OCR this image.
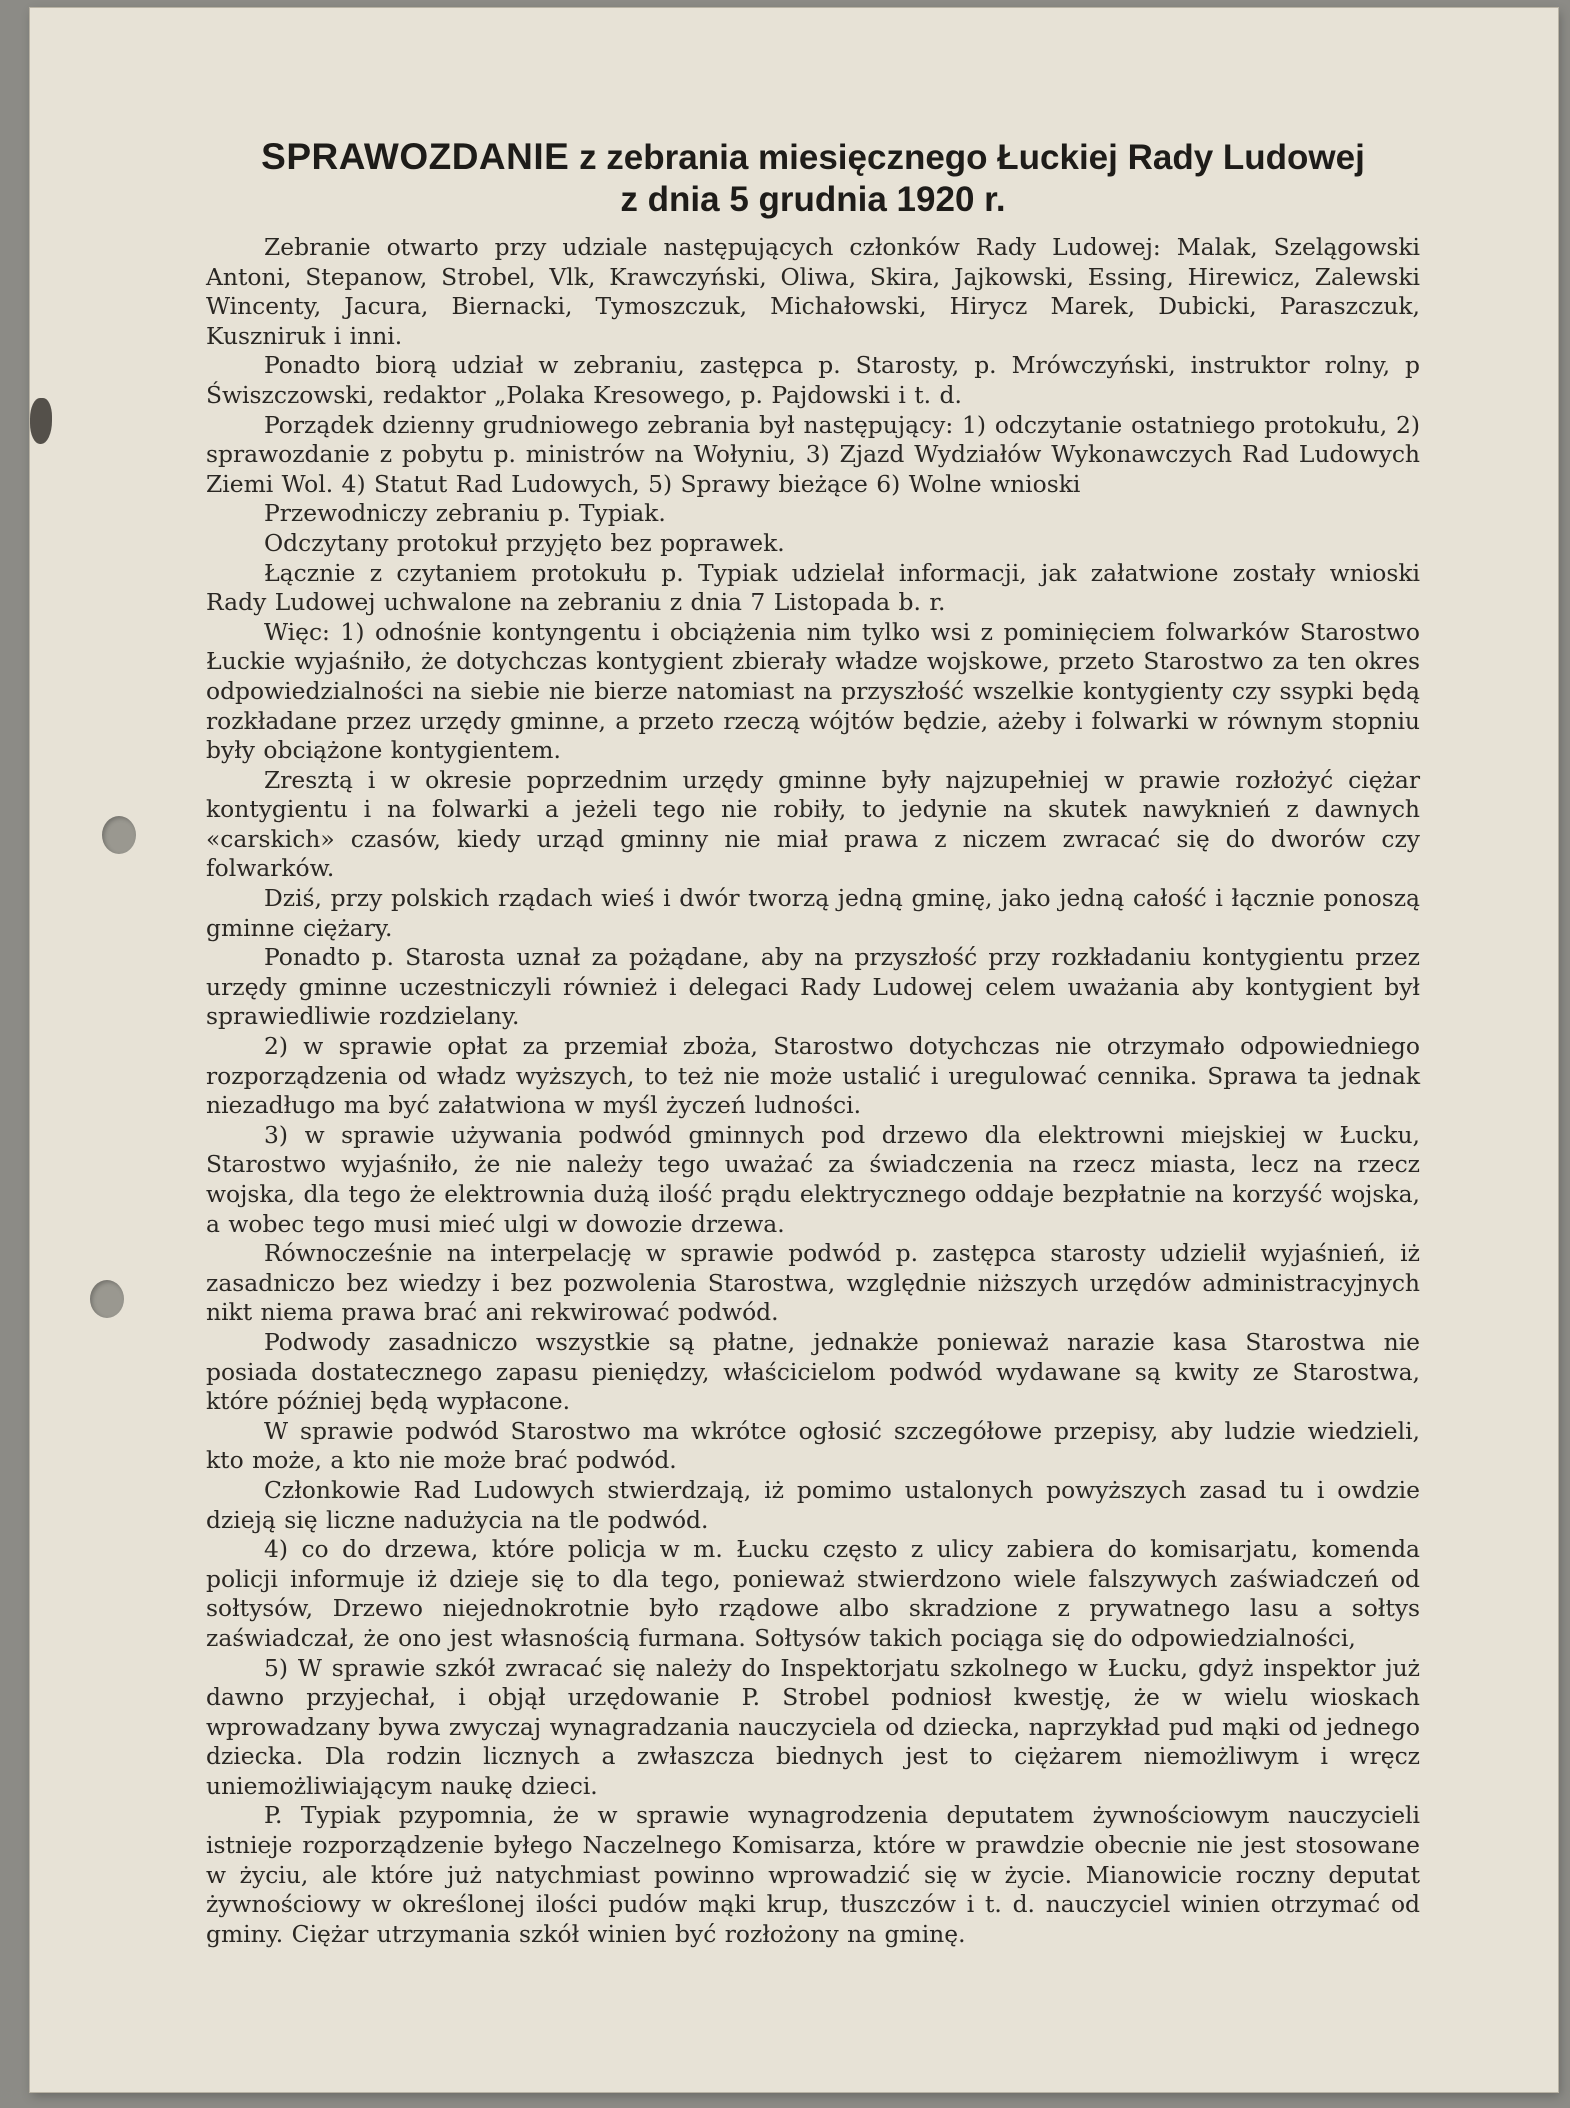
SPRAWOZDANIE z zebrania miesięcznego Łuckiej Rady Ludowej
z dnia 5 grudnia 1920 r.

Zebranie otwarto przy udziale następujących członków Rady Ludowej: Malak, Szelągowski Antoni, Stepanow, Strobel, Vlk, Krawczyński, Oliwa, Skira, Jajkowski, Essing, Hirewicz, Zalewski Wincenty, Jacura, Biernacki, Tymoszczuk, Michałowski, Hirycz Marek, Dubicki, Paraszczuk, Kuszniruk i inni.

Ponadto biorą udział w zebraniu, zastępca p. Starosty, p. Mrówczyński, instruktor rolny, p Świszczowski, redaktor „Polaka Kresowego, p. Pajdowski i t. d.

Porządek dzienny grudniowego zebrania był następujący: 1) odczytanie ostatniego protokułu, 2) sprawozdanie z pobytu p. ministrów na Wołyniu, 3) Zjazd Wydziałów Wykonawczych Rad Ludowych Ziemi Wol. 4) Statut Rad Ludowych, 5) Sprawy bieżące 6) Wolne wnioski

Przewodniczy zebraniu p. Typiak.

Odczytany protokuł przyjęto bez poprawek.

Łącznie z czytaniem protokułu p. Typiak udzielał informacji, jak załatwione zostały wnioski Rady Ludowej uchwalone na zebraniu z dnia 7 Listopada b. r.

Więc: 1) odnośnie kontyngentu i obciążenia nim tylko wsi z pominięciem folwarków Starostwo Łuckie wyjaśniło, że dotychczas kontygient zbierały władze wojskowe, przeto Starostwo za ten okres odpowiedzialności na siebie nie bierze natomiast na przyszłość wszelkie kontygienty czy ssypki będą rozkładane przez urzędy gminne, a przeto rzeczą wójtów będzie, ażeby i folwarki w równym stopniu były obciążone kontygientem.

Zresztą i w okresie poprzednim urzędy gminne były najzupełniej w prawie rozłożyć ciężar kontygientu i na folwarki a jeżeli tego nie robiły, to jedynie na skutek nawyknień z dawnych «carskich» czasów, kiedy urząd gminny nie miał prawa z niczem zwracać się do dworów czy folwarków.

Dziś, przy polskich rządach wieś i dwór tworzą jedną gminę, jako jedną całość i łącznie ponoszą gminne ciężary.

Ponadto p. Starosta uznał za pożądane, aby na przyszłość przy rozkładaniu kontygientu przez urzędy gminne uczestniczyli również i delegaci Rady Ludowej celem uważania aby kontygient był sprawiedliwie rozdzielany.

2) w sprawie opłat za przemiał zboża, Starostwo dotychczas nie otrzymało odpowiedniego rozporządzenia od władz wyższych, to też nie może ustalić i uregulować cennika. Sprawa ta jednak niezadługo ma być załatwiona w myśl życzeń ludności.

3) w sprawie używania podwód gminnych pod drzewo dla elektrowni miejskiej w Łucku, Starostwo wyjaśniło, że nie należy tego uważać za świadczenia na rzecz miasta, lecz na rzecz wojska, dla tego że elektrownia dużą ilość prądu elektrycznego oddaje bezpłatnie na korzyść wojska, a wobec tego musi mieć ulgi w dowozie drzewa.

Równocześnie na interpelację w sprawie podwód p. zastępca starosty udzielił wyjaśnień, iż zasadniczo bez wiedzy i bez pozwolenia Starostwa, względnie niższych urzędów administracyjnych nikt niema prawa brać ani rekwirować podwód.

Podwody zasadniczo wszystkie są płatne, jednakże ponieważ narazie kasa Starostwa nie posiada dostatecznego zapasu pieniędzy, właścicielom podwód wydawane są kwity ze Starostwa, które później będą wypłacone.

W sprawie podwód Starostwo ma wkrótce ogłosić szczegółowe przepisy, aby ludzie wiedzieli, kto może, a kto nie może brać podwód.

Członkowie Rad Ludowych stwierdzają, iż pomimo ustalonych powyższych zasad tu i owdzie dzieją się liczne nadużycia na tle podwód.

4) co do drzewa, które policja w m. Łucku często z ulicy zabiera do komisarjatu, komenda policji informuje iż dzieje się to dla tego, ponieważ stwierdzono wiele falszywych zaświadczeń od sołtysów, Drzewo niejednokrotnie było rządowe albo skradzione z prywatnego lasu a sołtys zaświadczał, że ono jest własnością furmana. Sołtysów takich pociąga się do odpowiedzialności,

5) W sprawie szkół zwracać się należy do Inspektorjatu szkolnego w Łucku, gdyż inspektor już dawno przyjechał, i objął urzędowanie P. Strobel podniosł kwestję, że w wielu wioskach wprowadzany bywa zwyczaj wynagradzania nauczyciela od dziecka, naprzykład pud mąki od jednego dziecka. Dla rodzin licznych a zwłaszcza biednych jest to ciężarem niemożliwym i wręcz uniemożliwiającym naukę dzieci.

P. Typiak pzypomnia, że w sprawie wynagrodzenia deputatem żywnościowym nauczycieli istnieje rozporządzenie byłego Naczelnego Komisarza, które w prawdzie obecnie nie jest stosowane w życiu, ale które już natychmiast powinno wprowadzić się w życie. Mianowicie roczny deputat żywnościowy w określonej ilości pudów mąki krup, tłuszczów i t. d. nauczyciel winien otrzymać od gminy. Ciężar utrzymania szkół winien być rozłożony na gminę.
